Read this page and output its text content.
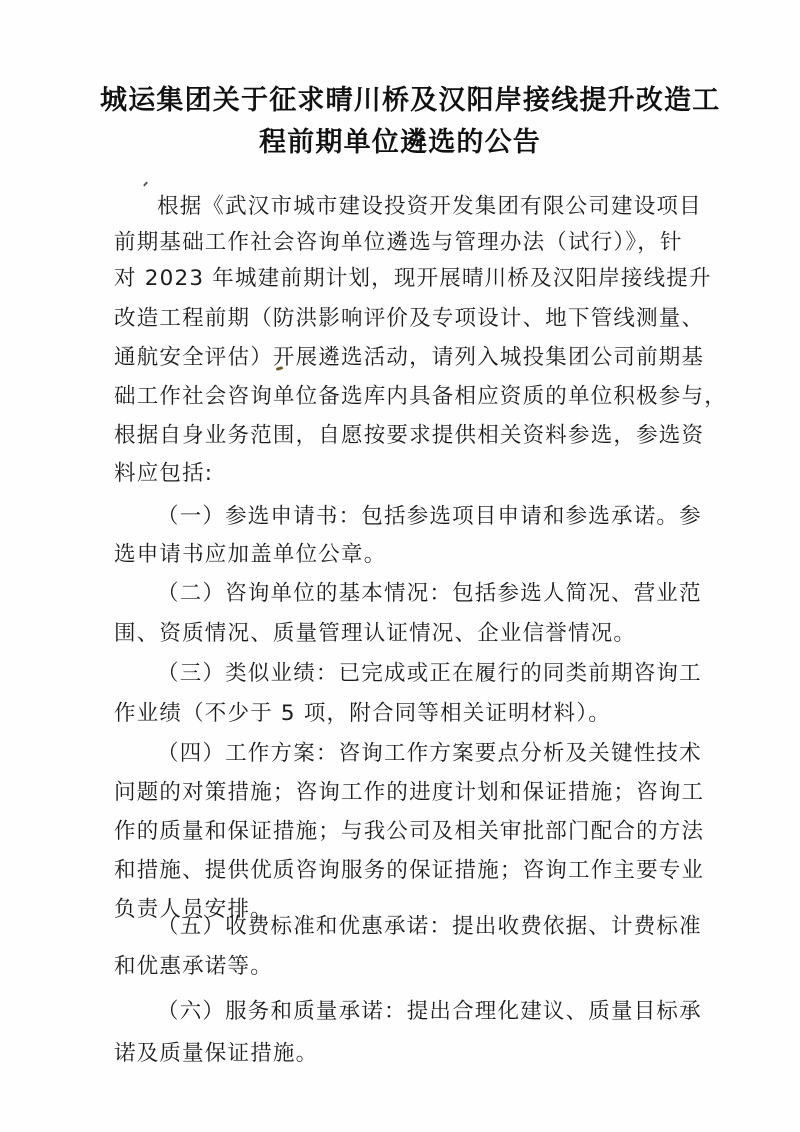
城运集团关于征求晴川桥及汉阳岸接线提升改造工
程前期单位遴选的公告
根据《武汉市城市建设投资开发集团有限公司建设项目
前期基础工作社会咨询单位遴选与管理办法（试行）》，针
对 2023 年城建前期计划，现开展晴川桥及汉阳岸接线提升
改造工程前期（防洪影响评价及专项设计、地下管线测量、
通航安全评估）开展遴选活动，请列入城投集团公司前期基
础工作社会咨询单位备选库内具备相应资质的单位积极参与，
根据自身业务范围，自愿按要求提供相关资料参选，参选资
料应包括:
（一）参选申请书：包括参选项目申请和参选承诺。参
选申请书应加盖单位公章。
（二）咨询单位的基本情况：包括参选人简况、营业范
围、资质情况、质量管理认证情况、企业信誉情况。
（三）类似业绩：已完成或正在履行的同类前期咨询工
作业绩（不少于 5 项，附合同等相关证明材料）。
（四）工作方案：咨询工作方案要点分析及关键性技术
问题的对策措施；咨询工作的进度计划和保证措施；咨询工
作的质量和保证措施；与我公司及相关审批部门配合的方法
和措施、提供优质咨询服务的保证措施；咨询工作主要专业
负责人员安排。
（五）收费标准和优惠承诺：提出收费依据、计费标准
和优惠承诺等。
（六）服务和质量承诺：提出合理化建议、质量目标承
诺及质量保证措施。
